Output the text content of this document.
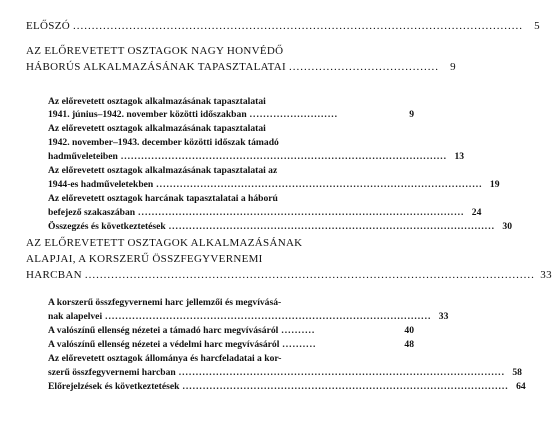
ELŐSZÓ ........................................................................................................................	5
AZ ELŐREVETETT OSZTAGOK NAGY HONVÉDŐ
HÁBORÚS ALKALMAZÁSÁNAK TAPASZTALATAI ........................................	9
Az előrevetett osztagok alkalmazásának tapasztalatai
1941. június–1942. november közötti időszakban ..........................	9
Az előrevetett osztagok alkalmazásának tapasztalatai
1942. november–1943. december közötti időszak támadó
hadműveleteiben ................................................................................................ 13
Az előrevetett osztagok alkalmazásának tapasztalatai az
1944-es hadműveletekben ................................................................................................ 19
Az előrevetett osztagok harcának tapasztalatai a háború
befejező szakaszában ................................................................................................ 24
Összegzés és következtetések ................................................................................................ 30
AZ ELŐREVETETT OSZTAGOK ALKALMAZÁSÁNAK
ALAPJAI, A KORSZERŰ ÖSSZFEGYVERNEMI
HARCBAN ........................................................................................................................ 33
A korszerű összfegyvernemi harc jellemzői és megvívásá-
nak alapelvei ................................................................................................ 33
A valószínű ellenség nézetei a támadó harc megvívásáról ..........	40
A valószínű ellenség nézetei a védelmi harc megvívásáról ..........	48
Az előrevetett osztagok állománya és harcfeladatai a kor-
szerű összfegyvernemi harcban ................................................................................................ 58
Előrejelzések és következtetések ................................................................................................ 64
